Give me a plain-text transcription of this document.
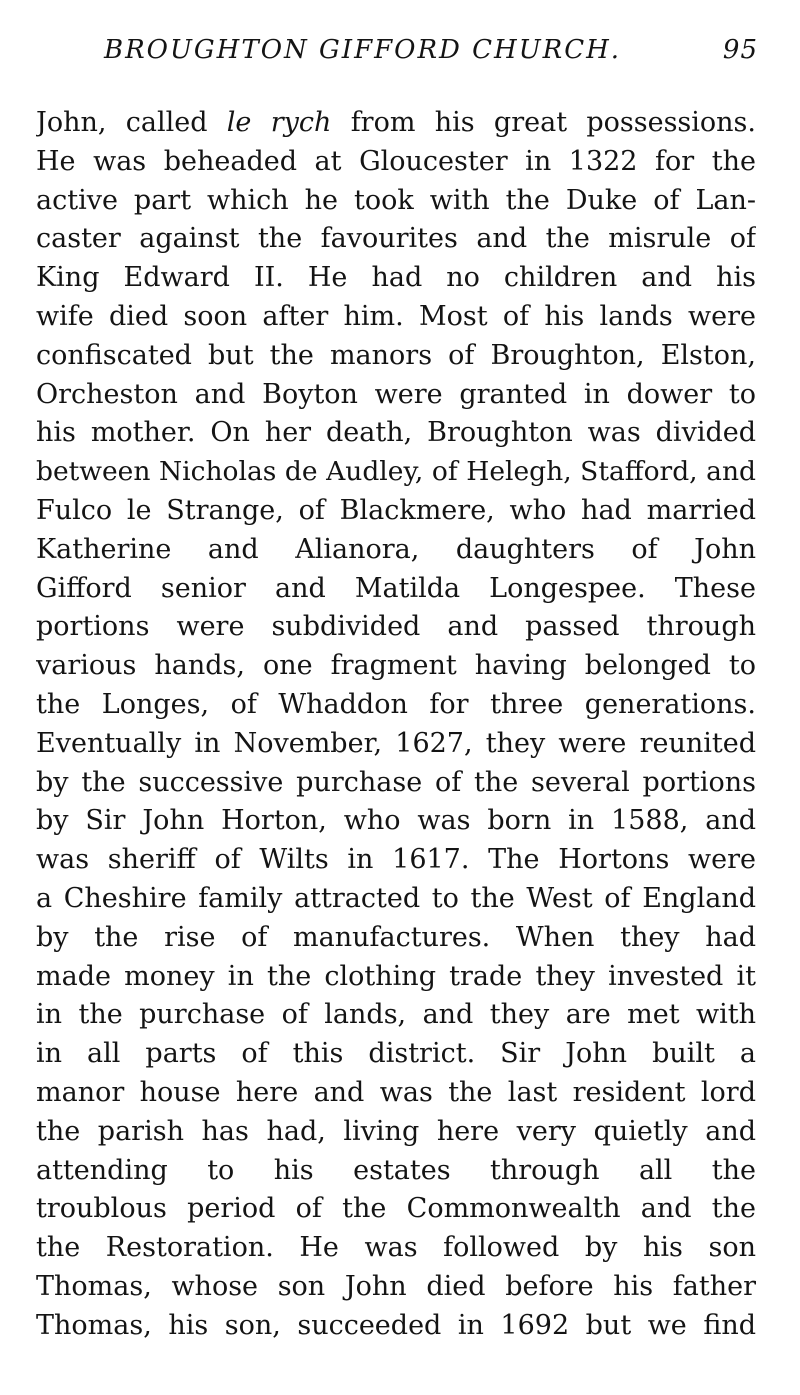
BROUGHTON GIFFORD CHURCH.	95
John, called le rych from his great possessions.
He was beheaded at Gloucester in 1322 for the
active part which he took with the Duke of Lan-
caster against the favourites and the misrule of
King Edward II. He had no children and his
wife died soon after him. Most of his lands were
confiscated but the manors of Broughton, Elston,
Orcheston and Boyton were granted in dower to
his mother. On her death, Broughton was divided
between Nicholas de Audley, of Helegh, Stafford, and
Fulco le Strange, of Blackmere, who had married
Katherine and Alianora, daughters of John
Gifford senior and Matilda Longespee. These
portions were subdivided and passed through
various hands, one fragment having belonged to
the Longes, of Whaddon for three generations.
Eventually in November, 1627, they were reunited
by the successive purchase of the several portions
by Sir John Horton, who was born in 1588, and
was sheriff of Wilts in 1617. The Hortons were
a Cheshire family attracted to the West of England
by the rise of manufactures. When they had
made money in the clothing trade they invested it
in the purchase of lands, and they are met with
in all parts of this district. Sir John built a
manor house here and was the last resident lord
the parish has had, living here very quietly and
attending to his estates through all the
troublous period of the Commonwealth and the
the Restoration. He was followed by his son
Thomas, whose son John died before his father
Thomas, his son, succeeded in 1692 but we find
